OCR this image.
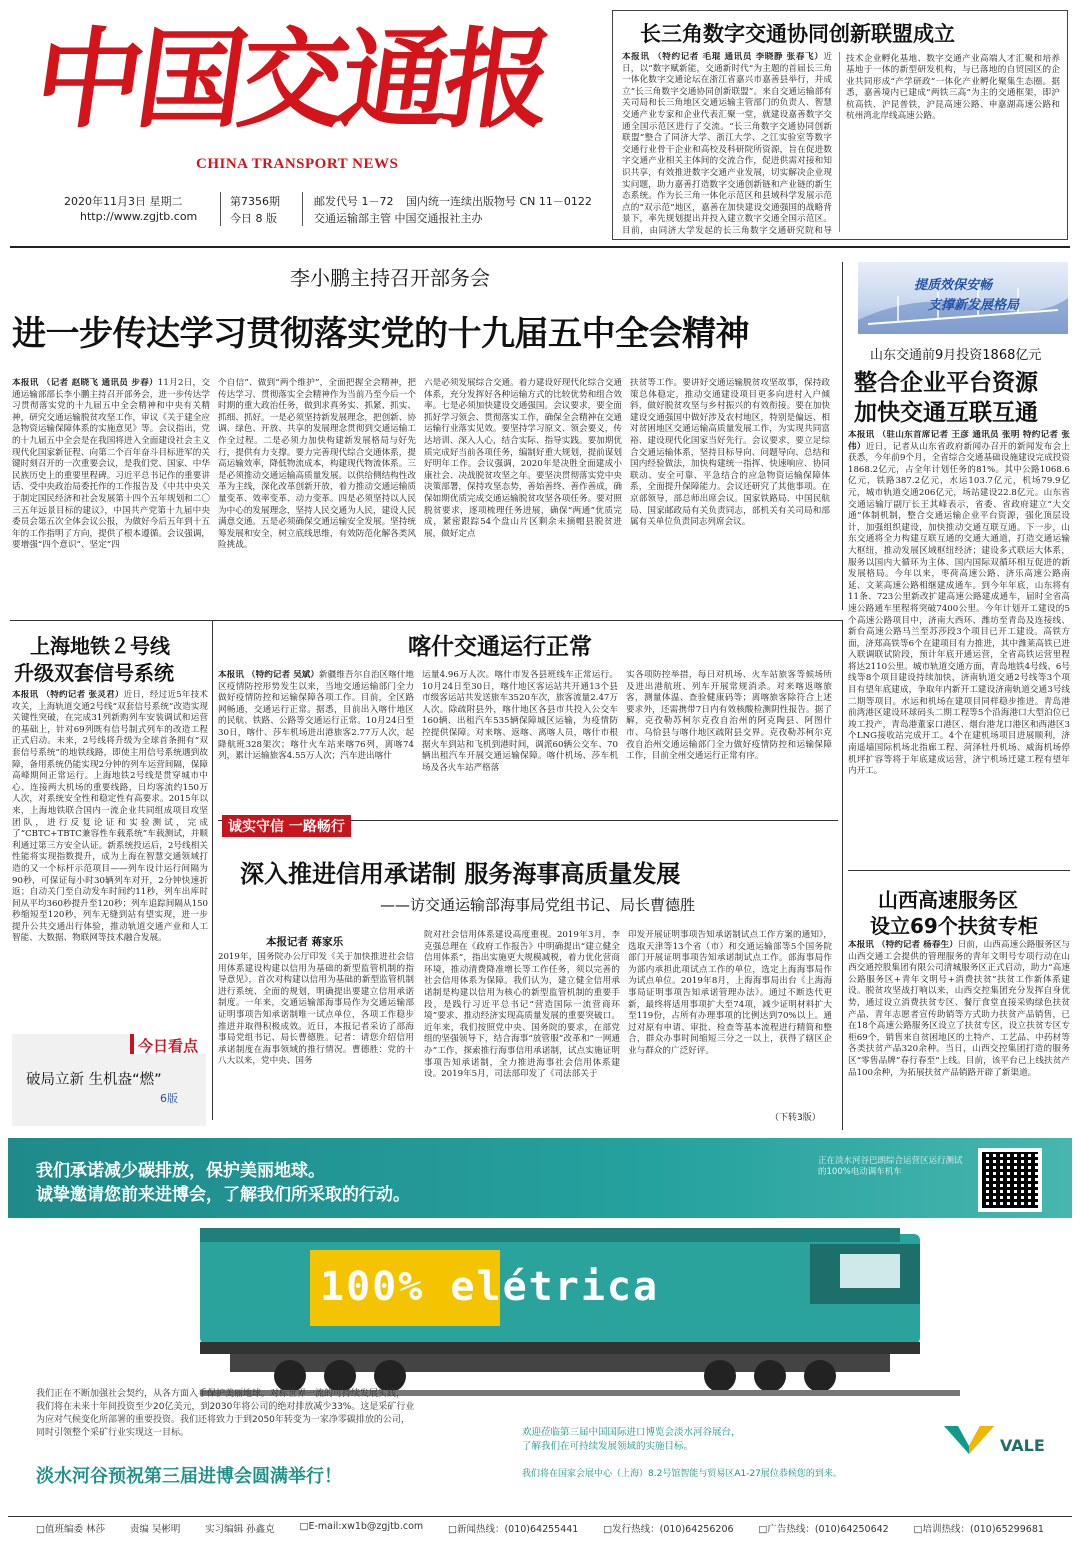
中国交通报
CHINA TRANSPORT NEWS
2020年11月3日 星期二
http://www.zgjtb.com
第7356期
今日 8 版
邮发代号 1－72 国内统一连续出版物号 CN 11－0122
交通运输部主管 中国交通报社主办
长三角数字交通协同创新联盟成立
本报讯 （特约记者 毛琨 通讯员 李晓静 张春飞）近日，以“数字赋新能，交通新时代”为主题的首届长三角一体化数字交通论坛在浙江省嘉兴市嘉善县举行，并成立“长三角数字交通协同创新联盟”。来自交通运输部有关司局和长三角地区交通运输主管部门的负责人、智慧交通产业专家和企业代表汇聚一堂，就建设嘉善数字交通全国示范区进行了交流。“长三角数字交通协同创新联盟”整合了同济大学、浙江大学、之江实验室等数字交通行业骨干企业和高校及科研院所资源，旨在促进数字交通产业相关主体间的交流合作，促进供需对接和知识共享，有效推进数字交通产业发展，切实解决企业现实问题，助力嘉善打造数字交通创新链和产业链的新生态系统。作为长三角一体化示范区和县域科学发展示范点的“双示范”地区，嘉善在加快建设交通强国的战略背景下，率先规划提出并投入建立数字交通全国示范区。目前，由同济大学发起的长三角数字交通研究院和导
技术企业孵化基地、数字交通产业高端人才汇聚和培养基地于一体的新型研发机构，与已落地的自贸园区的企业共同形成“产学研政”一体化产业孵化聚集生态圈。据悉，嘉善境内已建成“两铁三高”为主的交通框架，即沪杭高铁、沪昆普铁，沪昆高速公路、申嘉湖高速公路和杭州湾北岸线高速公路。
李小鹏主持召开部务会
进一步传达学习贯彻落实党的十九届五中全会精神
本报讯 （记者 赵晓飞 通讯员 步春）11月2日，交通运输部部长李小鹏主持召开部务会，进一步传达学习贯彻落实党的十九届五中全会精神和中央有关精神，研究交通运输脱贫攻坚工作，审议《关于建全应急物资运输保障体系的实施意见》等。会议指出，党的十九届五中全会是在我国将进入全面建设社会主义现代化国家新征程、向第二个百年奋斗目标进军的关键时刻召开的一次重要会议，是我们党、国家、中华民族历史上的重要里程碑。习近平总书记作的重要讲话、受中央政治局委托作的工作报告及《中共中央关于制定国民经济和社会发展第十四个五年规划和二〇三五年远景目标的建议》，中国共产党第十九届中央委员会第五次全体会议公报，为做好今后五年到十五年的工作指明了方向，提供了根本遵循。会议强调，要增强“四个意识”、坚定“四
个自信”、做到“两个维护”，全面把握全会精神，把传达学习、贯彻落实全会精神作为当前乃至今后一个时期的重大政治任务，做到求真务实、抓紧、抓实、抓细、抓好。一是必须坚持新发展理念，把创新、协调、绿色、开放、共享的发展理念贯彻到交通运输工作全过程。二是必须力加快构建新发展格局与好先行，提供有力支撑。要力完善现代综合交通体系，提高运输效率，降低物流成本，构建现代物流体系。三是必须推动交通运输高质量发展。以供给侧结构性改革为主线，深化改革创新开放，着力推动交通运输质量变革、效率变革、动力变革。四是必须坚持以人民为中心的发展理念，坚持人民交通为人民，建设人民满意交通。五是必须确保交通运输安全发展。坚持统筹发展和安全，树立底线思维，有效防范化解各类风险挑战。
六是必须发展综合交通。着力建设好现代化综合交通体系，充分发挥好各种运输方式的比较优势和组合效率。七是必须加快建设交通强国。会议要求，要全面抓好学习领会、贯彻落实工作，确保全会精神在交通运输行业落实见效。要坚持学习原文、领会要义，传达培训、深入人心，结合实际、指导实践。要加期优质完成好当前各项任务，编制好重大规划，提前谋划好明年工作。会议强调，2020年是决胜全面建成小康社会、决战脱贫攻坚之年。要坚决贯彻落实党中央决策部署，保持攻坚态势，善始善终、善作善成，确保如期优质完成交通运输脱贫攻坚各项任务。要对照脱贫要求，逐项梳理任务进展，确保“两通”优质完成，紧密跟踪54个盘山片区剩余未摘帽县脱贫进展，做好定点
扶贫等工作。要讲好交通运输脱贫攻坚故事，保持政策总体稳定，推动交通建设项目更多向进村入户倾斜，做好脱贫攻坚与乡村振兴的有效衔接。要在加快建设交通强国中做好涉及农村地区，特别是偏远、相对贫困地区交通运输高质量发展工作，为实现共同富裕、建设现代化国家当好先行。会议要求，要立足综合交通运输体系，坚持目标导向、问题导向、总结和国内经验做法，加快构建统一指挥、快速响应、协同联动、安全可靠、平急结合的应急物资运输保障体系，全面提升保障能力。会议还研究了其他事项。在京部领导，部总师出席会议。国家铁路局、中国民航局、国家邮政局有关负责同志，部机关有关司局和部属有关单位负责同志列席会议。
提质效保安畅
支撑新发展格局
山东交通前9月投资1868亿元
整合企业平台资源
加快交通互联互通
本报讯 （驻山东首席记者 王彦 通讯员 张明 特约记者 张伟）近日，记者从山东省政府新闻办召开的新闻发布会上获悉，今年前9个月，全省综合交通基础设施建设完成投资1868.2亿元，占全年计划任务的81%。其中公路1068.6亿元，铁路387.2亿元，水运103.7亿元，机场79.9亿元，城市轨道交通206亿元，场站建设22.8亿元。山东省交通运输厅副厅长王其峰表示，省委、省政府建立“大交通”体制机制，整合交通运输企业平台资源，强化顶层设计，加强组织建设，加快推动交通互联互通。下一步，山东交通将全力构建互联互通的交通大通道，打造交通运输大枢纽，推动发展区域枢纽经济；建设多式联运大体系，服务以国内大循环为主体、国内国际双循环相互促进的新发展格局。今年以来，枣荷高速公路、济乐高速公路南延、文莱高速公路相继建成通车。到今年年底，山东将有11条、723公里新改扩建高速公路建成通车，届时全省高速公路通车里程将突破7400公里。今年计划开工建设的5个高速公路项目中，济南大西环、潍坊至青岛及连接线、新台高速公路马兰至苏莎段3个项目已开工建设。高铁方面，济郑高铁等6个在建项目有力推进，其中潍莱高铁已进入联调联试阶段，预计年底开通运营，全省高铁运营里程将达2110公里。城市轨道交通方面，青岛地铁4号线、6号线等8个项目建设持续加快，济南轨道交通2号线等3个项目有望年底建成，争取年内新开工建设济南轨道交通3号线二期等项目。水运和机场在建项目同样稳步推进。青岛港前湾港区建设环球码头二期工程等5个沿海港口大型泊位已竣工投产，青岛港董家口港区、烟台港龙口港区和西港区3个LNG接收站完成开工。4个在建机场项目进展顺利，济南遥墙国际机场北指廊工程、菏泽牡丹机场、威海机场停机坪扩容等将于年底建成运营，济宁机场迁建工程有望年内开工。
上海地铁２号线
升级双套信号系统
本报讯 （特约记者 张灵君）近日，经过近5年技术攻关，上海轨道交通2号线“双套信号系统”改造实现关键性突破，在完成31列新购列车安装调试和运营的基础上，针对69列既有信号制式列车的改造工程正式启动。未来，2号线将升级为全球首条拥有“双套信号系统”的地铁线路，即使主用信号系统遇到故障，备用系统仍能实现2分钟的列车运营间隔，保障高峰期间正常运行。上海地铁2号线是贯穿城市中心、连接两大机场的重要线路，日均客流约150万人次，对系统安全性和稳定性有高要求。2015年以来，上海地铁联合国内一流企业共同组成项目攻坚团队，进行反复论证和实验测试，完成了“CBTC+TBTC兼容性车载系统”车载测试，并顺利通过第三方安全认证。新系统投运后，2号线相关性能将实现指数提升，成为上海在智慧交通领域打造的又一个标杆示范项目——列车设计运行间隔为90秒，可保证每小时30辆列车对开，2分钟快速折返；自动关门至自动发车时间约11秒，列车出库时间从平均360秒提升至120秒；列车追踪间隔从150秒缩短至120秒，列车无缝到站有望实现，进一步提升公共交通出行体验，推动轨道交通产业和人工智能、大数据、物联网等技术融合发展。
今日看点
破局立新 生机盎“燃”
6版
喀什交通运行正常
本报讯 （特约记者 吴斌）新疆维吾尔自治区喀什地区疫情防控形势发生以来，当地交通运输部门全力做好疫情防控和运输保障各项工作。目前，全区路网畅通，交通运行正常。据悉，目前出入喀什地区的民航、铁路、公路等交通运行正常。10月24日至30日，喀什、莎车机场进出港旅客2.77万人次，起降航班328架次；喀什火车站来喀76列，离喀74列，累计运输旅客4.55万人次；汽车进出喀什
运量4.96万人次。喀什市发各县班线车正常运行。10月24日至30日，喀什地区客运站共开通13个县市级客运站共发送旅车3520车次，旅客流量2.47万人次。除疏附县外，喀什地区各县市共投入公交车160辆、出租汽车535辆保障城区运输，为疫情防控提供保障。对来喀、返喀、离喀人员，喀什市根据火车到站和飞机到港时间，调派60辆公交车、70辆出租汽车开展交通运输保障。喀什机场、莎车机场及各火车站严格落
实各项防控举措，每日对机场、火车站旅客等候场所及进出港航班、列车开展常规消杀。对来喀返喀旅客，测量体温、查验健康码等；离喀旅客除符合上述要求外，还需携带7日内有效核酸检测阴性报告。据了解，克孜勒苏柯尔克孜自治州的阿克陶县、阿图什市、乌恰县与喀什地区疏附县交界。克孜勒苏柯尔克孜自治州交通运输部门全力做好疫情防控和运输保障工作，目前全州交通运行正常有序。
诚实守信 一路畅行
深入推进信用承诺制 服务海事高质量发展
——访交通运输部海事局党组书记、局长曹德胜
本报记者 蒋家乐
2019年，国务院办公厅印发《关于加快推进社会信用体系建设构建以信用为基础的新型监管机制的指导意见》，首次对构建以信用为基础的新型监管机制进行系统、全面的规划，明确提出要建立信用承诺制度。一年来，交通运输部海事局作为交通运输部证明事项告知承诺制唯一试点单位，各项工作稳步推进并取得积极成效。近日，本报记者采访了部海事局党组书记、局长曹德胜。记者：请您介绍信用承诺制度在海事领域的推行情况。曹德胜：党的十八大以来，党中央、国务
院对社会信用体系建设高度重视。2019年3月，李克强总理在《政府工作报告》中明确提出“建立健全信用体系”，指出实施更大规模减税，着力优化营商环境，推动清费降准增长等工作任务，须以完善的社会信用体系为保障。我们认为，建立健全信用承诺制是构建以信用为核心的新型监管机制的重要手段，是践行习近平总书记“营造国际一流营商环境”要求、推动经济实现高质量发展的重要突破口。近年来，我们按照党中央、国务院的要求，在部党组的坚强领导下，结合海事“放管服”改革和“一网通办”工作，探索推行海事信用承诺制，试点实施证明事项告知承诺制，全力推进海事社会信用体系建设。2019年5月，司法部印发了《司法部关于
印发开展证明事项告知承诺制试点工作方案的通知》，选取天津等13个省（市）和交通运输部等5个国务院部门开展证明事项告知承诺制试点工作。部海事局作为部内承担此项试点工作的单位，选定上海海事局作为试点单位。2019年8月，上海海事局出台《上海海事局证明事项告知承诺管理办法》。通过不断迭代更新，最终将适用事项扩大至74项，减少证明材料扩大至119份，占所有办理事项的比例达到70%以上。通过对原有申请、审批、检查等基本流程进行精简和整合，群众办事时间缩短三分之一以上，获得了辖区企业与群众的广泛好评。
（下转3版）
山西高速服务区
设立69个扶贫专柜
本报讯 （特约记者 杨春生）日前，山西高速公路服务区与山西交通工会提供的管理服务的青年文明号专项行动在山西交通控股集团有限公司清城服务区正式启动，助力“高速公路服务区+青年文明号+消费扶贫”扶贫工作新体系建设。脱贫攻坚战打响以来，山西交控集团充分发挥自身优势，通过设立消费扶贫专区、餐厅食堂直接采购绿色扶贫产品、青年志愿者宣传助销等方式助力扶贫产品销售，已在18个高速公路服务区设立了扶贫专区，设立扶贫专区专柜69个，销售来自贫困地区的土特产、工艺品、中药材等各类扶贫产品320余种。当日，山西交控集团打造的服务区“零售品牌”春行春至“上线。目前，该平台已上线扶贫产品100余种，为拓展扶贫产品销路开辟了新渠道。
我们承诺减少碳排放，保护美丽地球。
诚挚邀请您前来进博会，了解我们所采取的行动。
正在淡水河谷巴朗综合运营区运行测试的100%电动调车机车
100% elétrica
我们正在不断加强社会契约，从各方面入手保护美丽地球。对标世界一流的可持续发展实践，
我们将在未来十年间投资至少20亿美元，到2030年将公司的绝对排放减少33%。这是采矿行业
为应对气候变化所部署的重要投资。我们还将致力于到2050年转变为一家净零碳排放的公司，
同时引领整个采矿行业实现这一目标。
淡水河谷预祝第三届进博会圆满举行！
欢迎莅临第三届中国国际进口博览会淡水河谷展台，
了解我们在可持续发展领域的实施目标。
我们将在国家会展中心（上海）8.2号馆智能与贸易区A1-27展位恭候您的到来。
VALE
□值班编委 林莎	责编 吴彬明	实习编辑 孙鑫克	□E-mail:xw1b@zgjtb.com	□新闻热线：(010)64255441	□发行热线：(010)64256206	□广告热线：(010)64250642	□培训热线：(010)65299681
